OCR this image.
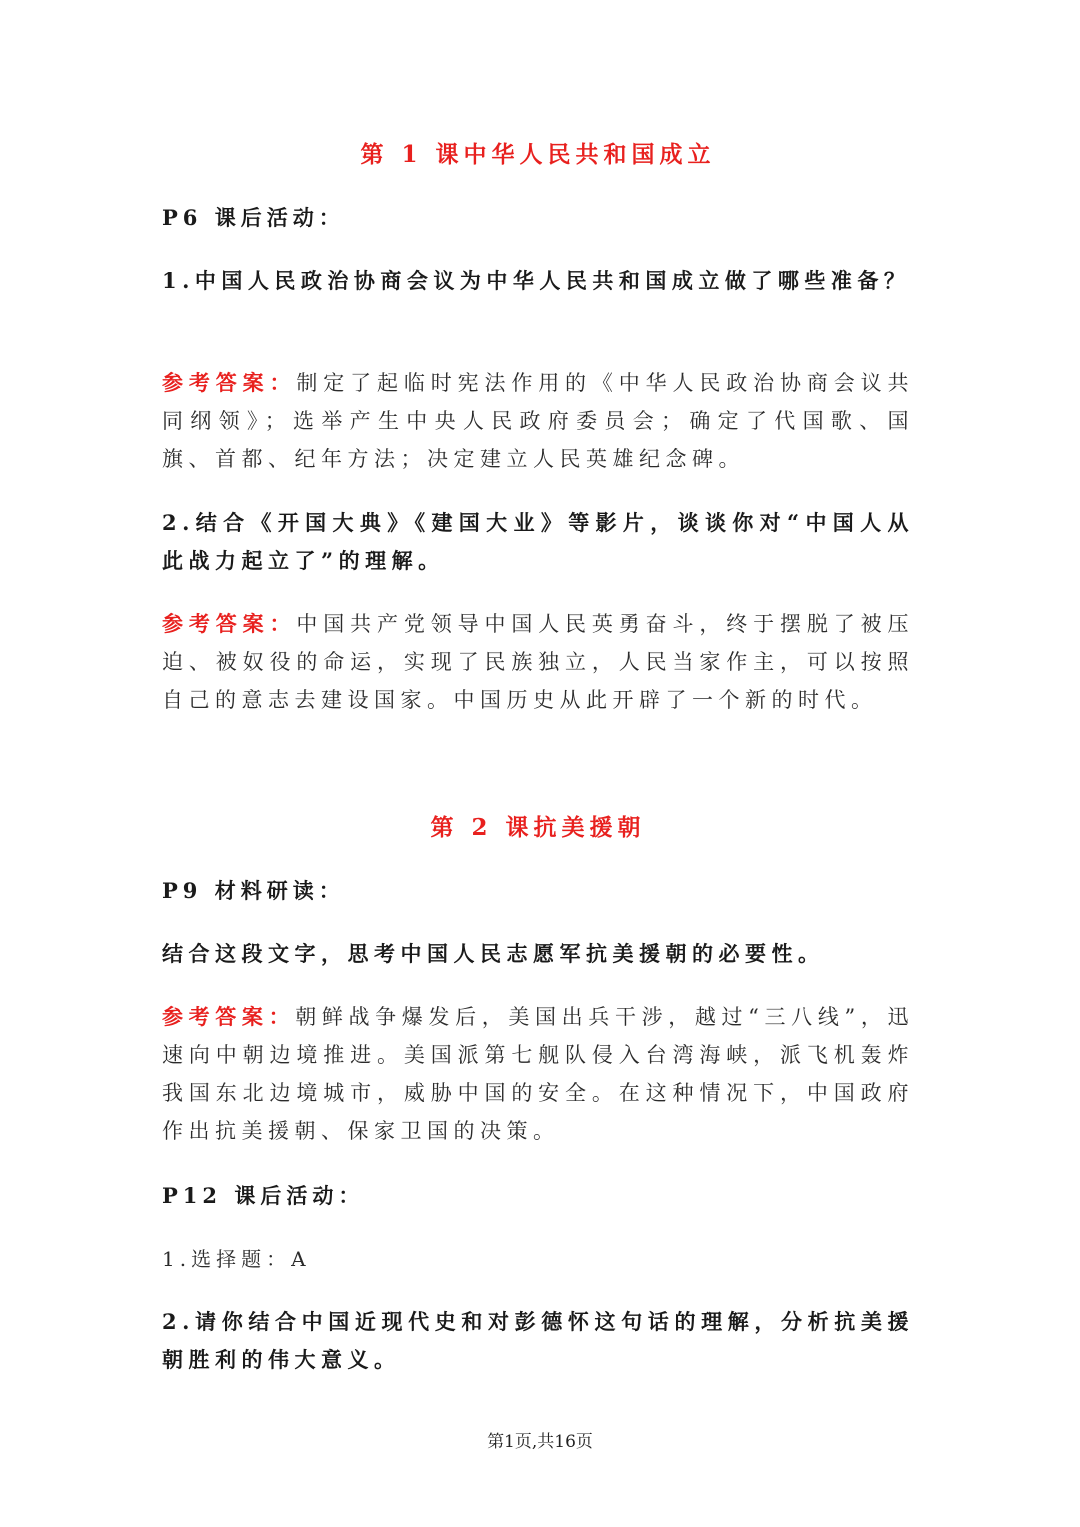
第 1 课中华人民共和国成立
P6 课后活动：
1.中国人民政治协商会议为中华人民共和国成立做了哪些准备？
参考答案：制定了起临时宪法作用的《中华人民政治协商会议共同纲领》；选举产生中央人民政府委员会；确定了代国歌、国旗、首都、纪年方法；决定建立人民英雄纪念碑。
2.结合《开国大典》《建国大业》等影片，谈谈你对“中国人从此战力起立了”的理解。
参考答案：中国共产党领导中国人民英勇奋斗，终于摆脱了被压迫、被奴役的命运，实现了民族独立，人民当家作主，可以按照自己的意志去建设国家。中国历史从此开辟了一个新的时代。
第 2 课抗美援朝
P9 材料研读：
结合这段文字，思考中国人民志愿军抗美援朝的必要性。
参考答案：朝鲜战争爆发后，美国出兵干涉，越过“三八线”，迅速向中朝边境推进。美国派第七舰队侵入台湾海峡，派飞机轰炸我国东北边境城市，威胁中国的安全。在这种情况下，中国政府作出抗美援朝、保家卫国的决策。
P12 课后活动：
1.选择题：A
2.请你结合中国近现代史和对彭德怀这句话的理解，分析抗美援朝胜利的伟大意义。
第1页,共16页
